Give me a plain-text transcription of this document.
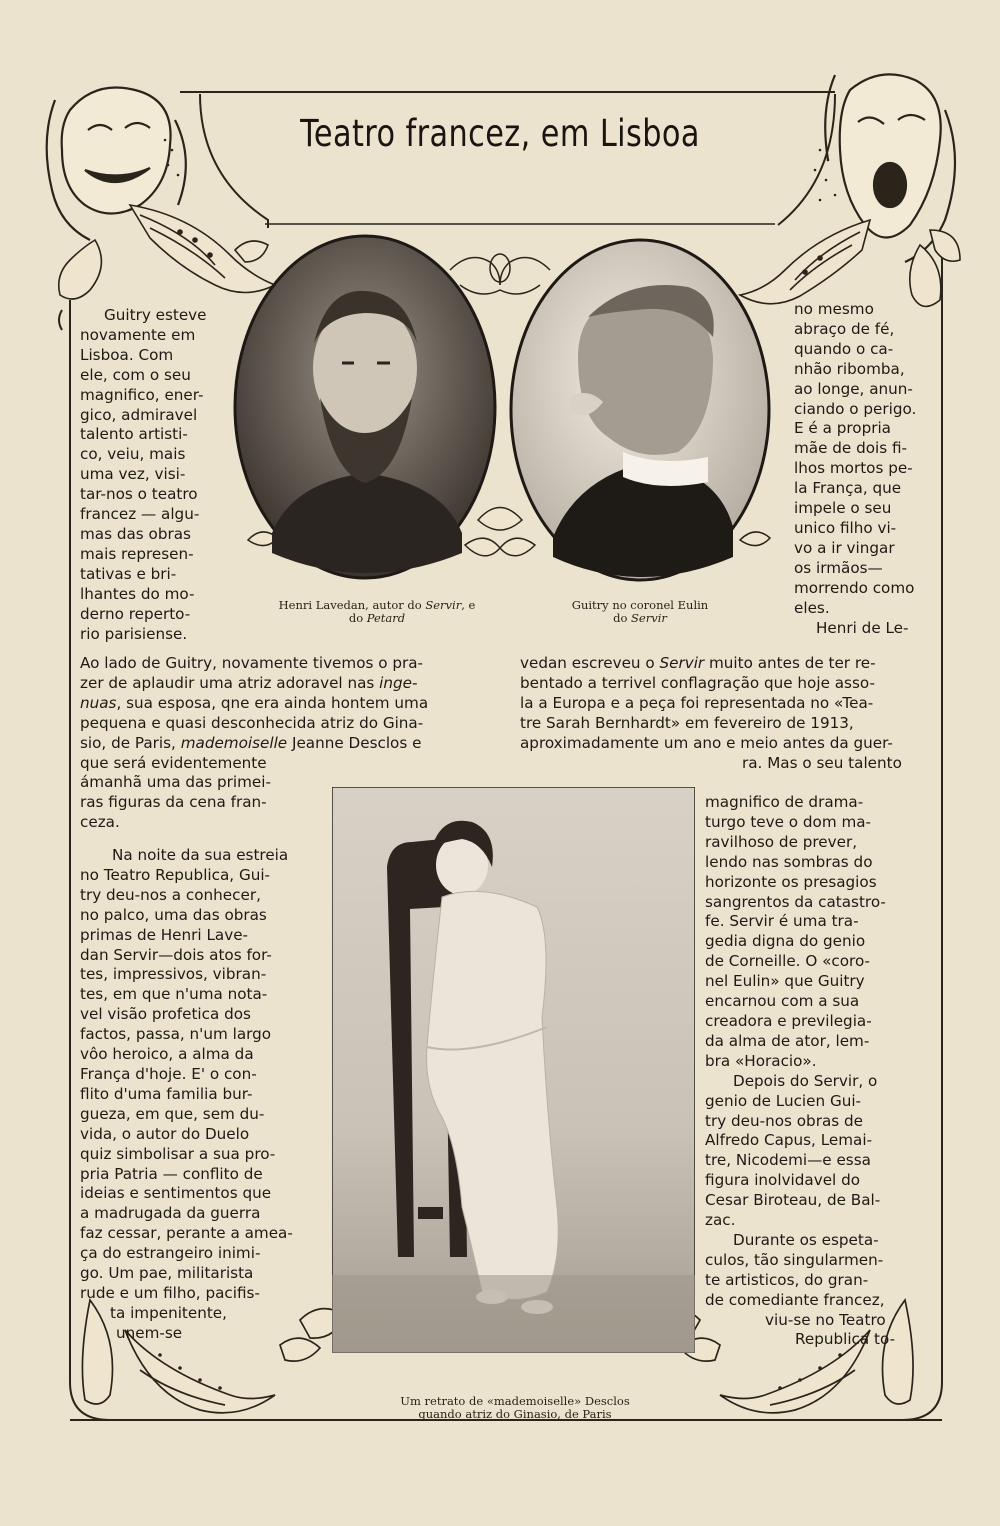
Teatro francez, em Lisboa
Henri Lavedan, autor do Servir, e
do Petard
Guitry no coronel Eulin
do Servir
Um retrato de «mademoiselle» Desclos
quando atriz do Ginasio, de Paris
Guitry esteve
novamente em
Lisboa. Com
ele, com o seu
magnifico, ener-
gico, admiravel
talento artisti-
co, veiu, mais
uma vez, visi-
tar-nos o teatro
francez — algu-
mas das obras
mais represen-
tativas e bri-
lhantes do mo-
derno reperto-
rio parisiense.
Ao lado de Guitry, novamente tivemos o pra-
zer de aplaudir uma atriz adoravel nas inge-
nuas, sua esposa, qne era ainda hontem uma
pequena e quasi desconhecida atriz do Gina-
sio, de Paris, mademoiselle Jeanne Desclos e
que será evidentemente
ámanhã uma das primei-
ras figuras da cena fran-
ceza.
Na noite da sua estreia
no Teatro Republica, Gui-
try deu-nos a conhecer,
no palco, uma das obras
primas de Henri Lave-
dan Servir—dois atos for-
tes, impressivos, vibran-
tes, em que n'uma nota-
vel visão profetica dos
factos, passa, n'um largo
vôo heroico, a alma da
França d'hoje. E' o con-
flito d'uma familia bur-
gueza, em que, sem du-
vida, o autor do Duelo
quiz simbolisar a sua pro-
pria Patria — conflito de
ideias e sentimentos que
a madrugada da guerra
faz cessar, perante a amea-
ça do estrangeiro inimi-
go. Um pae, militarista
rude e um filho, pacifis-
ta impenitente,
unem-se
no mesmo
abraço de fé,
quando o ca-
nhão ribomba,
ao longe, anun-
ciando o perigo.
E é a propria
mãe de dois fi-
lhos mortos pe-
la França, que
impele o seu
unico filho vi-
vo a ir vingar
os irmãos—
morrendo como
eles.
Henri de Le-
vedan escreveu o Servir muito antes de ter re-
bentado a terrivel conflagração que hoje asso-
la a Europa e a peça foi representada no «Tea-
tre Sarah Bernhardt» em fevereiro de 1913,
aproximadamente um ano e meio antes da guer-
ra. Mas o seu talento
magnifico de drama-
turgo teve o dom ma-
ravilhoso de prever,
lendo nas sombras do
horizonte os presagios
sangrentos da catastro-
fe. Servir é uma tra-
gedia digna do genio
de Corneille. O «coro-
nel Eulin» que Guitry
encarnou com a sua
creadora e previlegia-
da alma de ator, lem-
bra «Horacio».
Depois do Servir, o
genio de Lucien Gui-
try deu-nos obras de
Alfredo Capus, Lemai-
tre, Nicodemi—e essa
figura inolvidavel do
Cesar Biroteau, de Bal-
zac.
Durante os espeta-
culos, tão singularmen-
te artisticos, do gran-
de comediante francez,
viu-se no Teatro
Republica to-
